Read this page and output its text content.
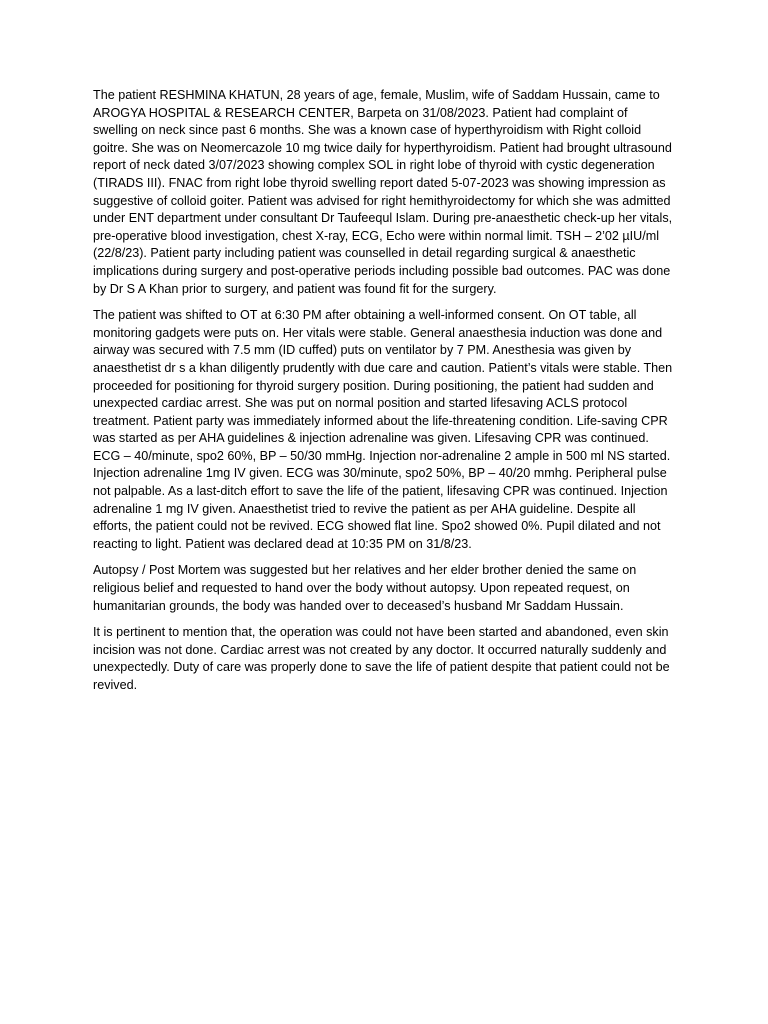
The patient RESHMINA KHATUN, 28 years of age, female, Muslim, wife of Saddam Hussain, came to AROGYA HOSPITAL & RESEARCH CENTER, Barpeta on 31/08/2023. Patient had complaint of swelling on neck since past 6 months. She was a known case of hyperthyroidism with Right colloid goitre. She was on Neomercazole 10 mg twice daily for hyperthyroidism. Patient had brought ultrasound report of neck dated 3/07/2023 showing complex SOL in right lobe of thyroid with cystic degeneration (TIRADS III). FNAC from right lobe thyroid swelling report dated 5-07-2023 was showing impression as suggestive of colloid goiter. Patient was advised for right hemithyroidectomy for which she was admitted under ENT department under consultant Dr Taufeequl Islam. During pre-anaesthetic check-up her vitals, pre-operative blood investigation, chest X-ray, ECG, Echo were within normal limit. TSH – 2’02 µIU/ml (22/8/23). Patient party including patient was counselled in detail regarding surgical & anaesthetic implications during surgery and post-operative periods including possible bad outcomes. PAC was done by Dr S A Khan prior to surgery, and patient was found fit for the surgery.

The patient was shifted to OT at 6:30 PM after obtaining a well-informed consent. On OT table, all monitoring gadgets were puts on. Her vitals were stable. General anaesthesia induction was done and airway was secured with 7.5 mm (ID cuffed) puts on ventilator by 7 PM. Anesthesia was given by anaesthetist dr s a khan diligently prudently with due care and caution. Patient’s vitals were stable. Then proceeded for positioning for thyroid surgery position. During positioning, the patient had sudden and unexpected cardiac arrest. She was put on normal position and started lifesaving ACLS protocol treatment. Patient party was immediately informed about the life-threatening condition. Life-saving CPR was started as per AHA guidelines & injection adrenaline was given. Lifesaving CPR was continued. ECG – 40/minute, spo2 60%, BP – 50/30 mmHg. Injection nor-adrenaline 2 ample in 500 ml NS started. Injection adrenaline 1mg IV given. ECG was 30/minute, spo2 50%, BP – 40/20 mmhg. Peripheral pulse not palpable. As a last-ditch effort to save the life of the patient, lifesaving CPR was continued. Injection adrenaline 1 mg IV given. Anaesthetist tried to revive the patient as per AHA guideline. Despite all efforts, the patient could not be revived. ECG showed flat line. Spo2 showed 0%. Pupil dilated and not reacting to light. Patient was declared dead at 10:35 PM on 31/8/23.

Autopsy / Post Mortem was suggested but her relatives and her elder brother denied the same on religious belief and requested to hand over the body without autopsy. Upon repeated request, on humanitarian grounds, the body was handed over to deceased’s husband Mr Saddam Hussain.

It is pertinent to mention that, the operation was could not have been started and abandoned, even skin incision was not done. Cardiac arrest was not created by any doctor. It occurred naturally suddenly and unexpectedly. Duty of care was properly done to save the life of patient despite that patient could not be revived.
